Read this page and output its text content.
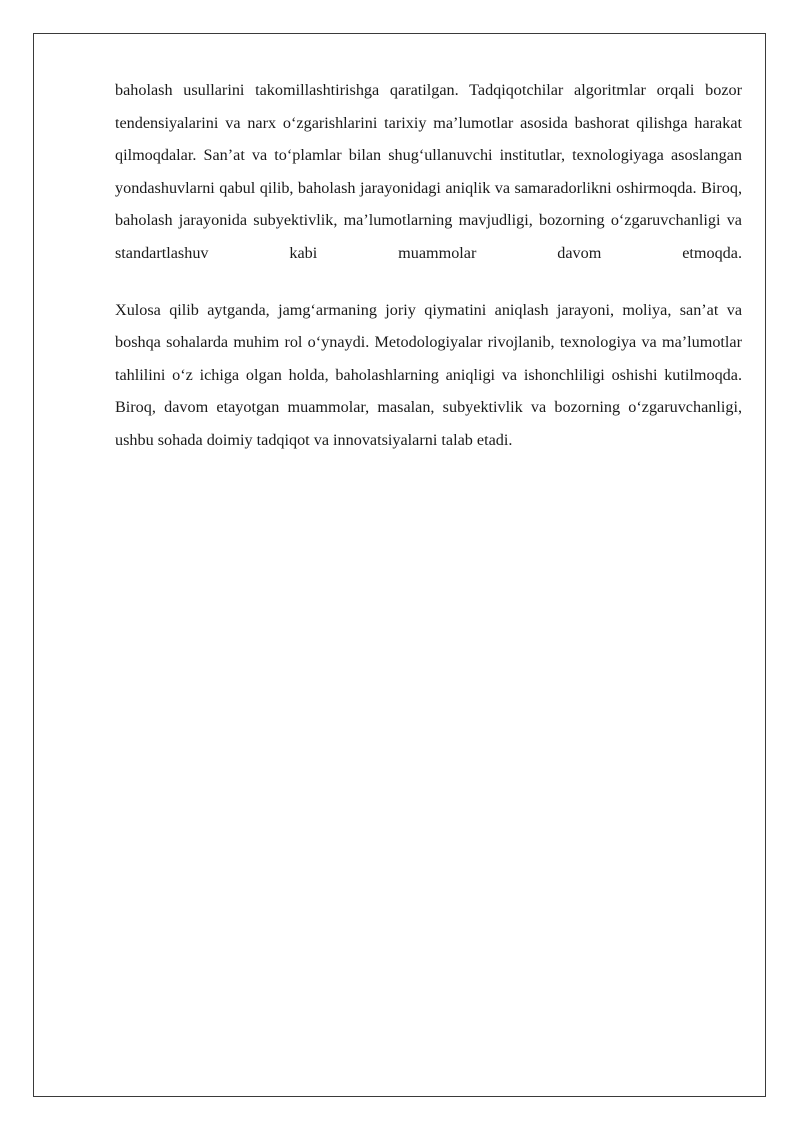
baholash usullarini takomillashtirishga qaratilgan. Tadqiqotchilar algoritmlar orqali bozor tendensiyalarini va narx o‘zgarishlarini tarixiy ma’lumotlar asosida bashorat qilishga harakat qilmoqdalar. San’at va to‘plamlar bilan shug‘ullanuvchi institutlar, texnologiyaga asoslangan yondashuvlarni qabul qilib, baholash jarayonidagi aniqlik va samaradorlikni oshirmoqda. Biroq, baholash jarayonida subyektivlik, ma’lumotlarning mavjudligi, bozorning o‘zgaruvchanligi va standartlashuv kabi muammolar davom etmoqda.

Xulosa qilib aytganda, jamg‘armaning joriy qiymatini aniqlash jarayoni, moliya, san’at va boshqa sohalarda muhim rol o‘ynaydi. Metodologiyalar rivojlanib, texnologiya va ma’lumotlar tahlilini o‘z ichiga olgan holda, baholashlarning aniqligi va ishonchliligi oshishi kutilmoqda. Biroq, davom etayotgan muammolar, masalan, subyektivlik va bozorning o‘zgaruvchanligi, ushbu sohada doimiy tadqiqot va innovatsiyalarni talab etadi.
